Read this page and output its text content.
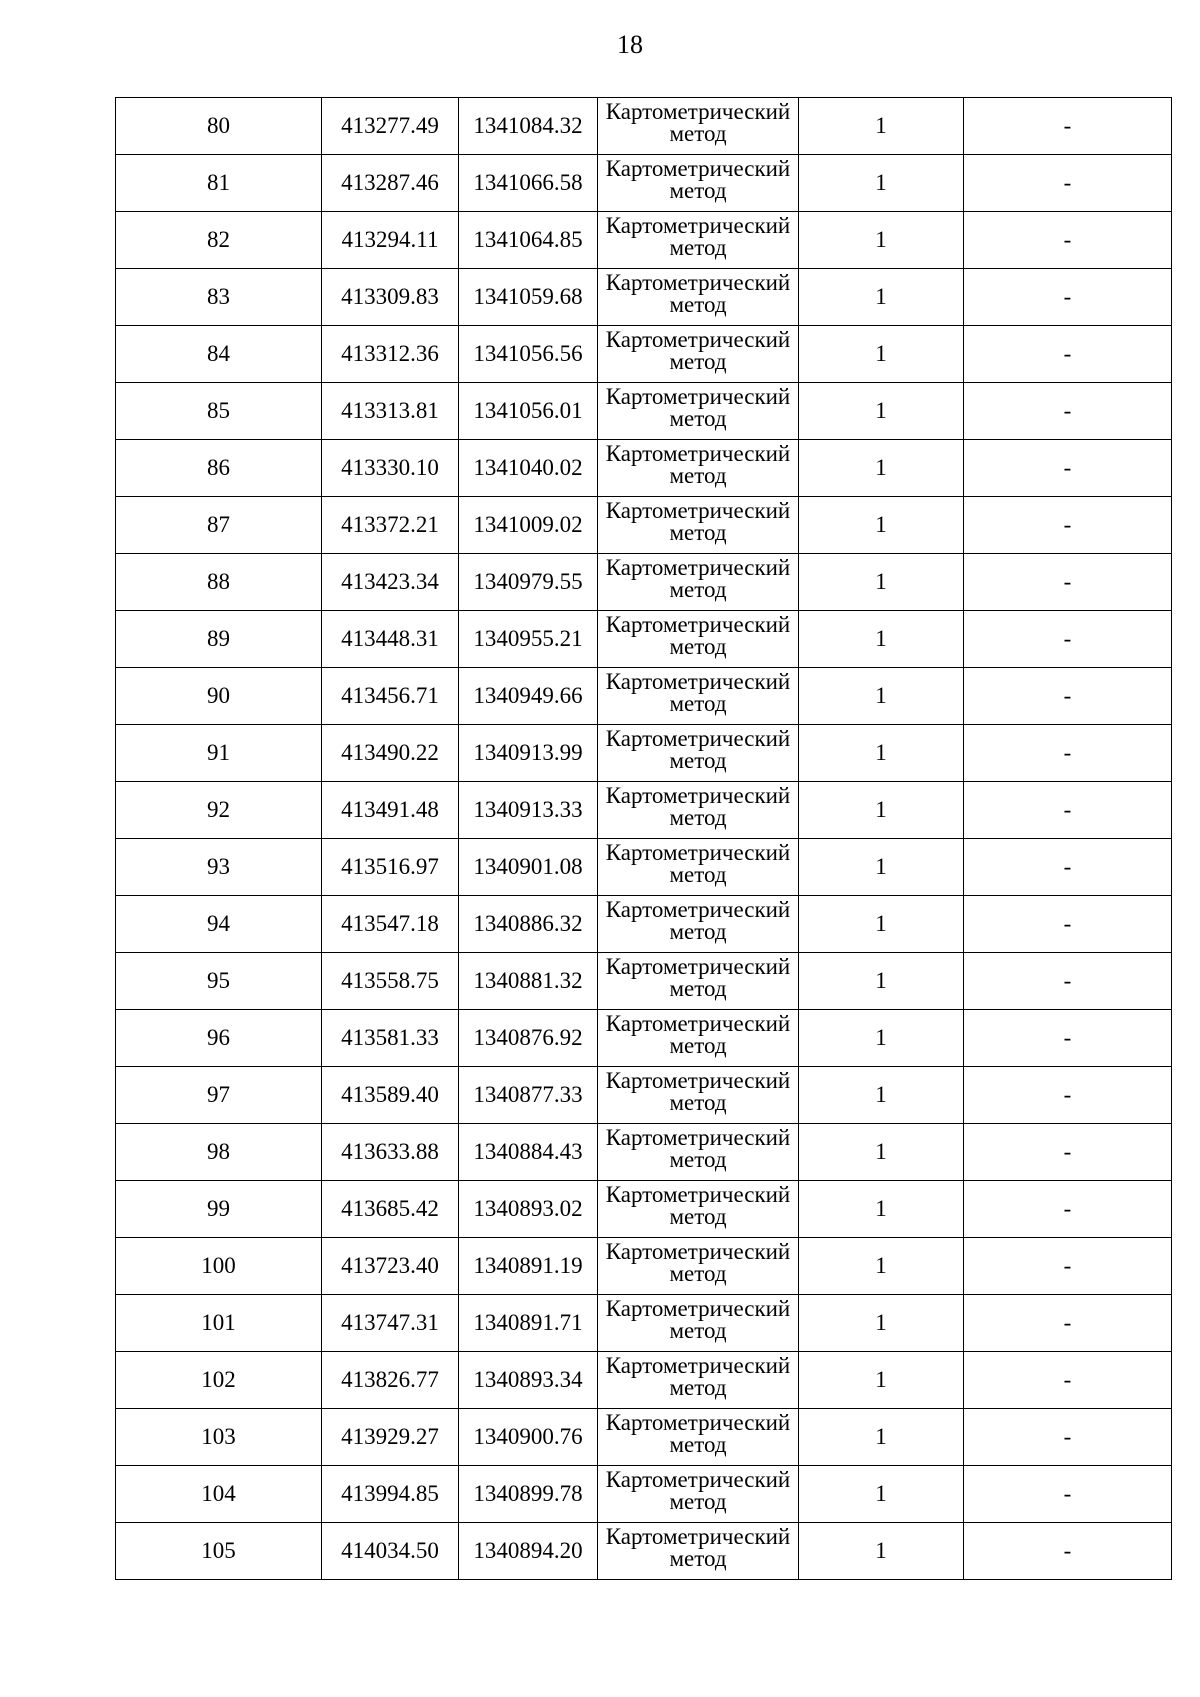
18
80	413277.49	1341084.32	Картометрический
метод	1	-
81	413287.46	1341066.58	Картометрический
метод	1	-
82	413294.11	1341064.85	Картометрический
метод	1	-
83	413309.83	1341059.68	Картометрический
метод	1	-
84	413312.36	1341056.56	Картометрический
метод	1	-
85	413313.81	1341056.01	Картометрический
метод	1	-
86	413330.10	1341040.02	Картометрический
метод	1	-
87	413372.21	1341009.02	Картометрический
метод	1	-
88	413423.34	1340979.55	Картометрический
метод	1	-
89	413448.31	1340955.21	Картометрический
метод	1	-
90	413456.71	1340949.66	Картометрический
метод	1	-
91	413490.22	1340913.99	Картометрический
метод	1	-
92	413491.48	1340913.33	Картометрический
метод	1	-
93	413516.97	1340901.08	Картометрический
метод	1	-
94	413547.18	1340886.32	Картометрический
метод	1	-
95	413558.75	1340881.32	Картометрический
метод	1	-
96	413581.33	1340876.92	Картометрический
метод	1	-
97	413589.40	1340877.33	Картометрический
метод	1	-
98	413633.88	1340884.43	Картометрический
метод	1	-
99	413685.42	1340893.02	Картометрический
метод	1	-
100	413723.40	1340891.19	Картометрический
метод	1	-
101	413747.31	1340891.71	Картометрический
метод	1	-
102	413826.77	1340893.34	Картометрический
метод	1	-
103	413929.27	1340900.76	Картометрический
метод	1	-
104	413994.85	1340899.78	Картометрический
метод	1	-
105	414034.50	1340894.20	Картометрический
метод	1	-
